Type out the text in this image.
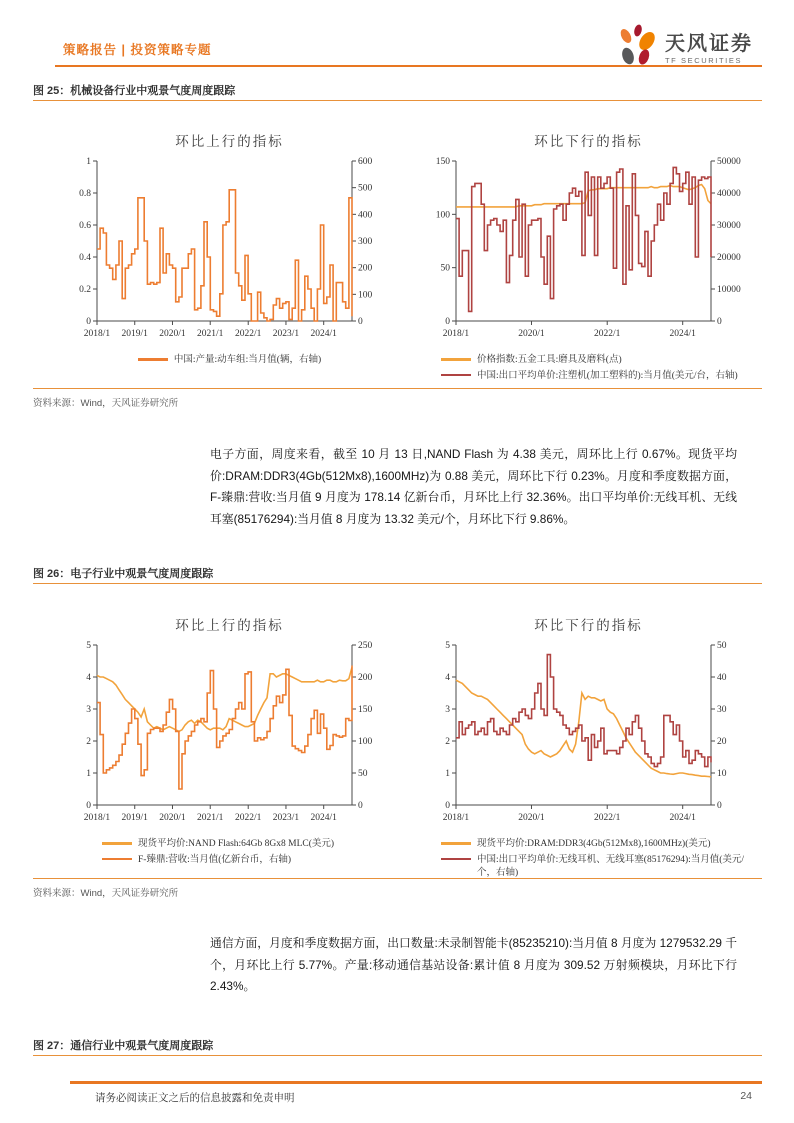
策略报告 | 投资策略专题	天风证券
TF SECURITIES
图 25：机械设备行业中观景气度周度跟踪
环比上行的指标
0
0.2
0.4
0.6
0.8
1
0
100
200
300
400
500
600
2018/1 2019/1 2020/1 2021/1 2022/1 2023/1 2024/1
中国:产量:动车组:当月值(辆，右轴)
环比下行的指标
0
50
100
150
0
10000
20000
30000
40000
50000
2018/1	2020/1	2022/1	2024/1
价格指数:五金工具:磨具及磨料(点)
中国:出口平均单价:注塑机(加工塑料的):当月值(美元/台，右轴)
资料来源：Wind，天风证券研究所
电子方面，周度来看，截至 10 月 13 日,NAND Flash 为 4.38 美元，周环比上行 0.67%。现货平均价:DRAM:DDR3(4Gb(512Mx8),1600MHz)为 0.88 美元，周环比下行 0.23%。月度和季度数据方面，F-臻鼎:营收:当月值 9 月度为 178.14 亿新台币，月环比上行 32.36%。出口平均单价:无线耳机、无线耳塞(85176294):当月值 8 月度为 13.32 美元/个，月环比下行 9.86%。
图 26：电子行业中观景气度周度跟踪
环比上行的指标
0
1
2
3
4
5
0
50
100
150
200
250
2018/1 2019/1 2020/1 2021/1 2022/1 2023/1 2024/1
现货平均价:NAND Flash:64Gb 8Gx8 MLC(美元)
F-臻鼎:营收:当月值(亿新台币，右轴)
环比下行的指标
0
1
2
3
4
5
0
10
20
30
40
50
2018/1	2020/1	2022/1	2024/1
现货平均价:DRAM:DDR3(4Gb(512Mx8),1600MHz)(美元)
中国:出口平均单价:无线耳机、无线耳塞(85176294):当月值(美元/个，右轴)
资料来源：Wind，天风证券研究所
通信方面，月度和季度数据方面，出口数量:未录制智能卡(85235210):当月值 8 月度为 1279532.29 千个，月环比上行 5.77%。产量:移动通信基站设备:累计值 8 月度为 309.52 万射频模块，月环比下行 2.43%。
图 27：通信行业中观景气度周度跟踪
请务必阅读正文之后的信息披露和免责申明	24
